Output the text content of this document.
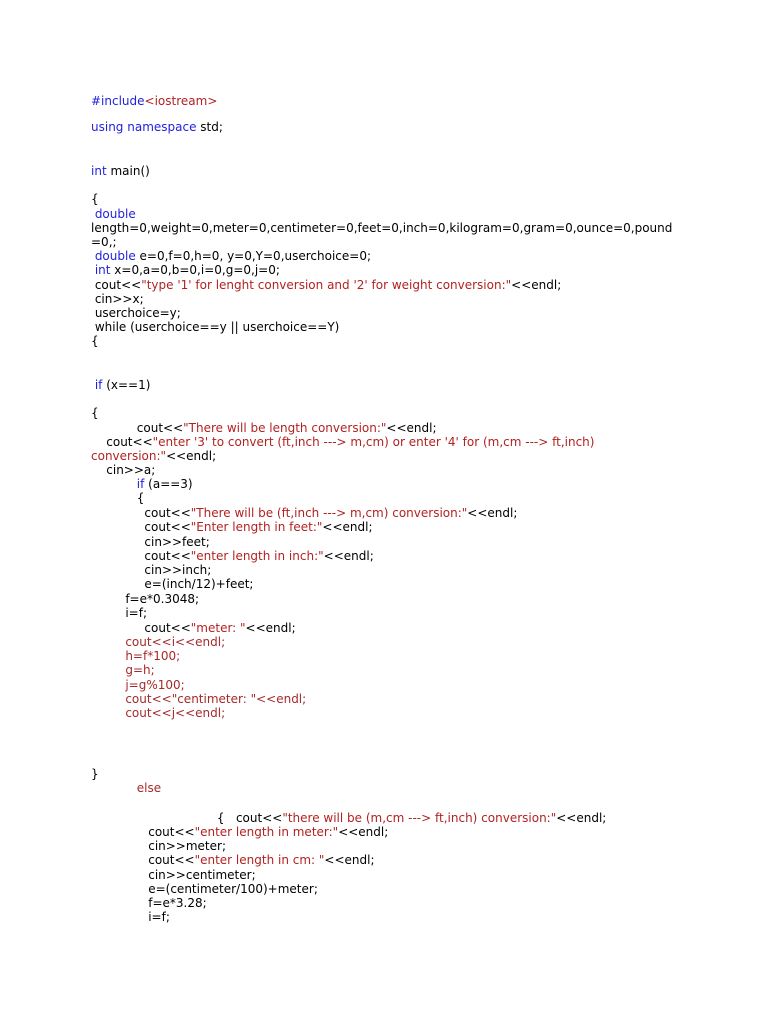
#include<iostream>
using namespace std;
int main()
{
double
length=0,weight=0,meter=0,centimeter=0,feet=0,inch=0,kilogram=0,gram=0,ounce=0,pound
=0,;
double e=0,f=0,h=0, y=0,Y=0,userchoice=0;
int x=0,a=0,b=0,i=0,g=0,j=0;
cout<<"type '1' for lenght conversion and '2' for weight conversion:"<<endl;
cin>>x;
userchoice=y;
while (userchoice==y || userchoice==Y)
{
if (x==1)
{
cout<<"There will be length conversion:"<<endl;
cout<<"enter '3' to convert (ft,inch ---> m,cm) or enter '4' for (m,cm ---> ft,inch)
conversion:"<<endl;
cin>>a;
if (a==3)
{
cout<<"There will be (ft,inch ---> m,cm) conversion:"<<endl;
cout<<"Enter length in feet:"<<endl;
cin>>feet;
cout<<"enter length in inch:"<<endl;
cin>>inch;
e=(inch/12)+feet;
f=e*0.3048;
i=f;
cout<<"meter: "<<endl;
cout<<i<<endl;
h=f*100;
g=h;
j=g%100;
cout<<"centimeter: "<<endl;
cout<<j<<endl;
}
else
{   cout<<"there will be (m,cm ---> ft,inch) conversion:"<<endl;
cout<<"enter length in meter:"<<endl;
cin>>meter;
cout<<"enter length in cm: "<<endl;
cin>>centimeter;
e=(centimeter/100)+meter;
f=e*3.28;
i=f;
